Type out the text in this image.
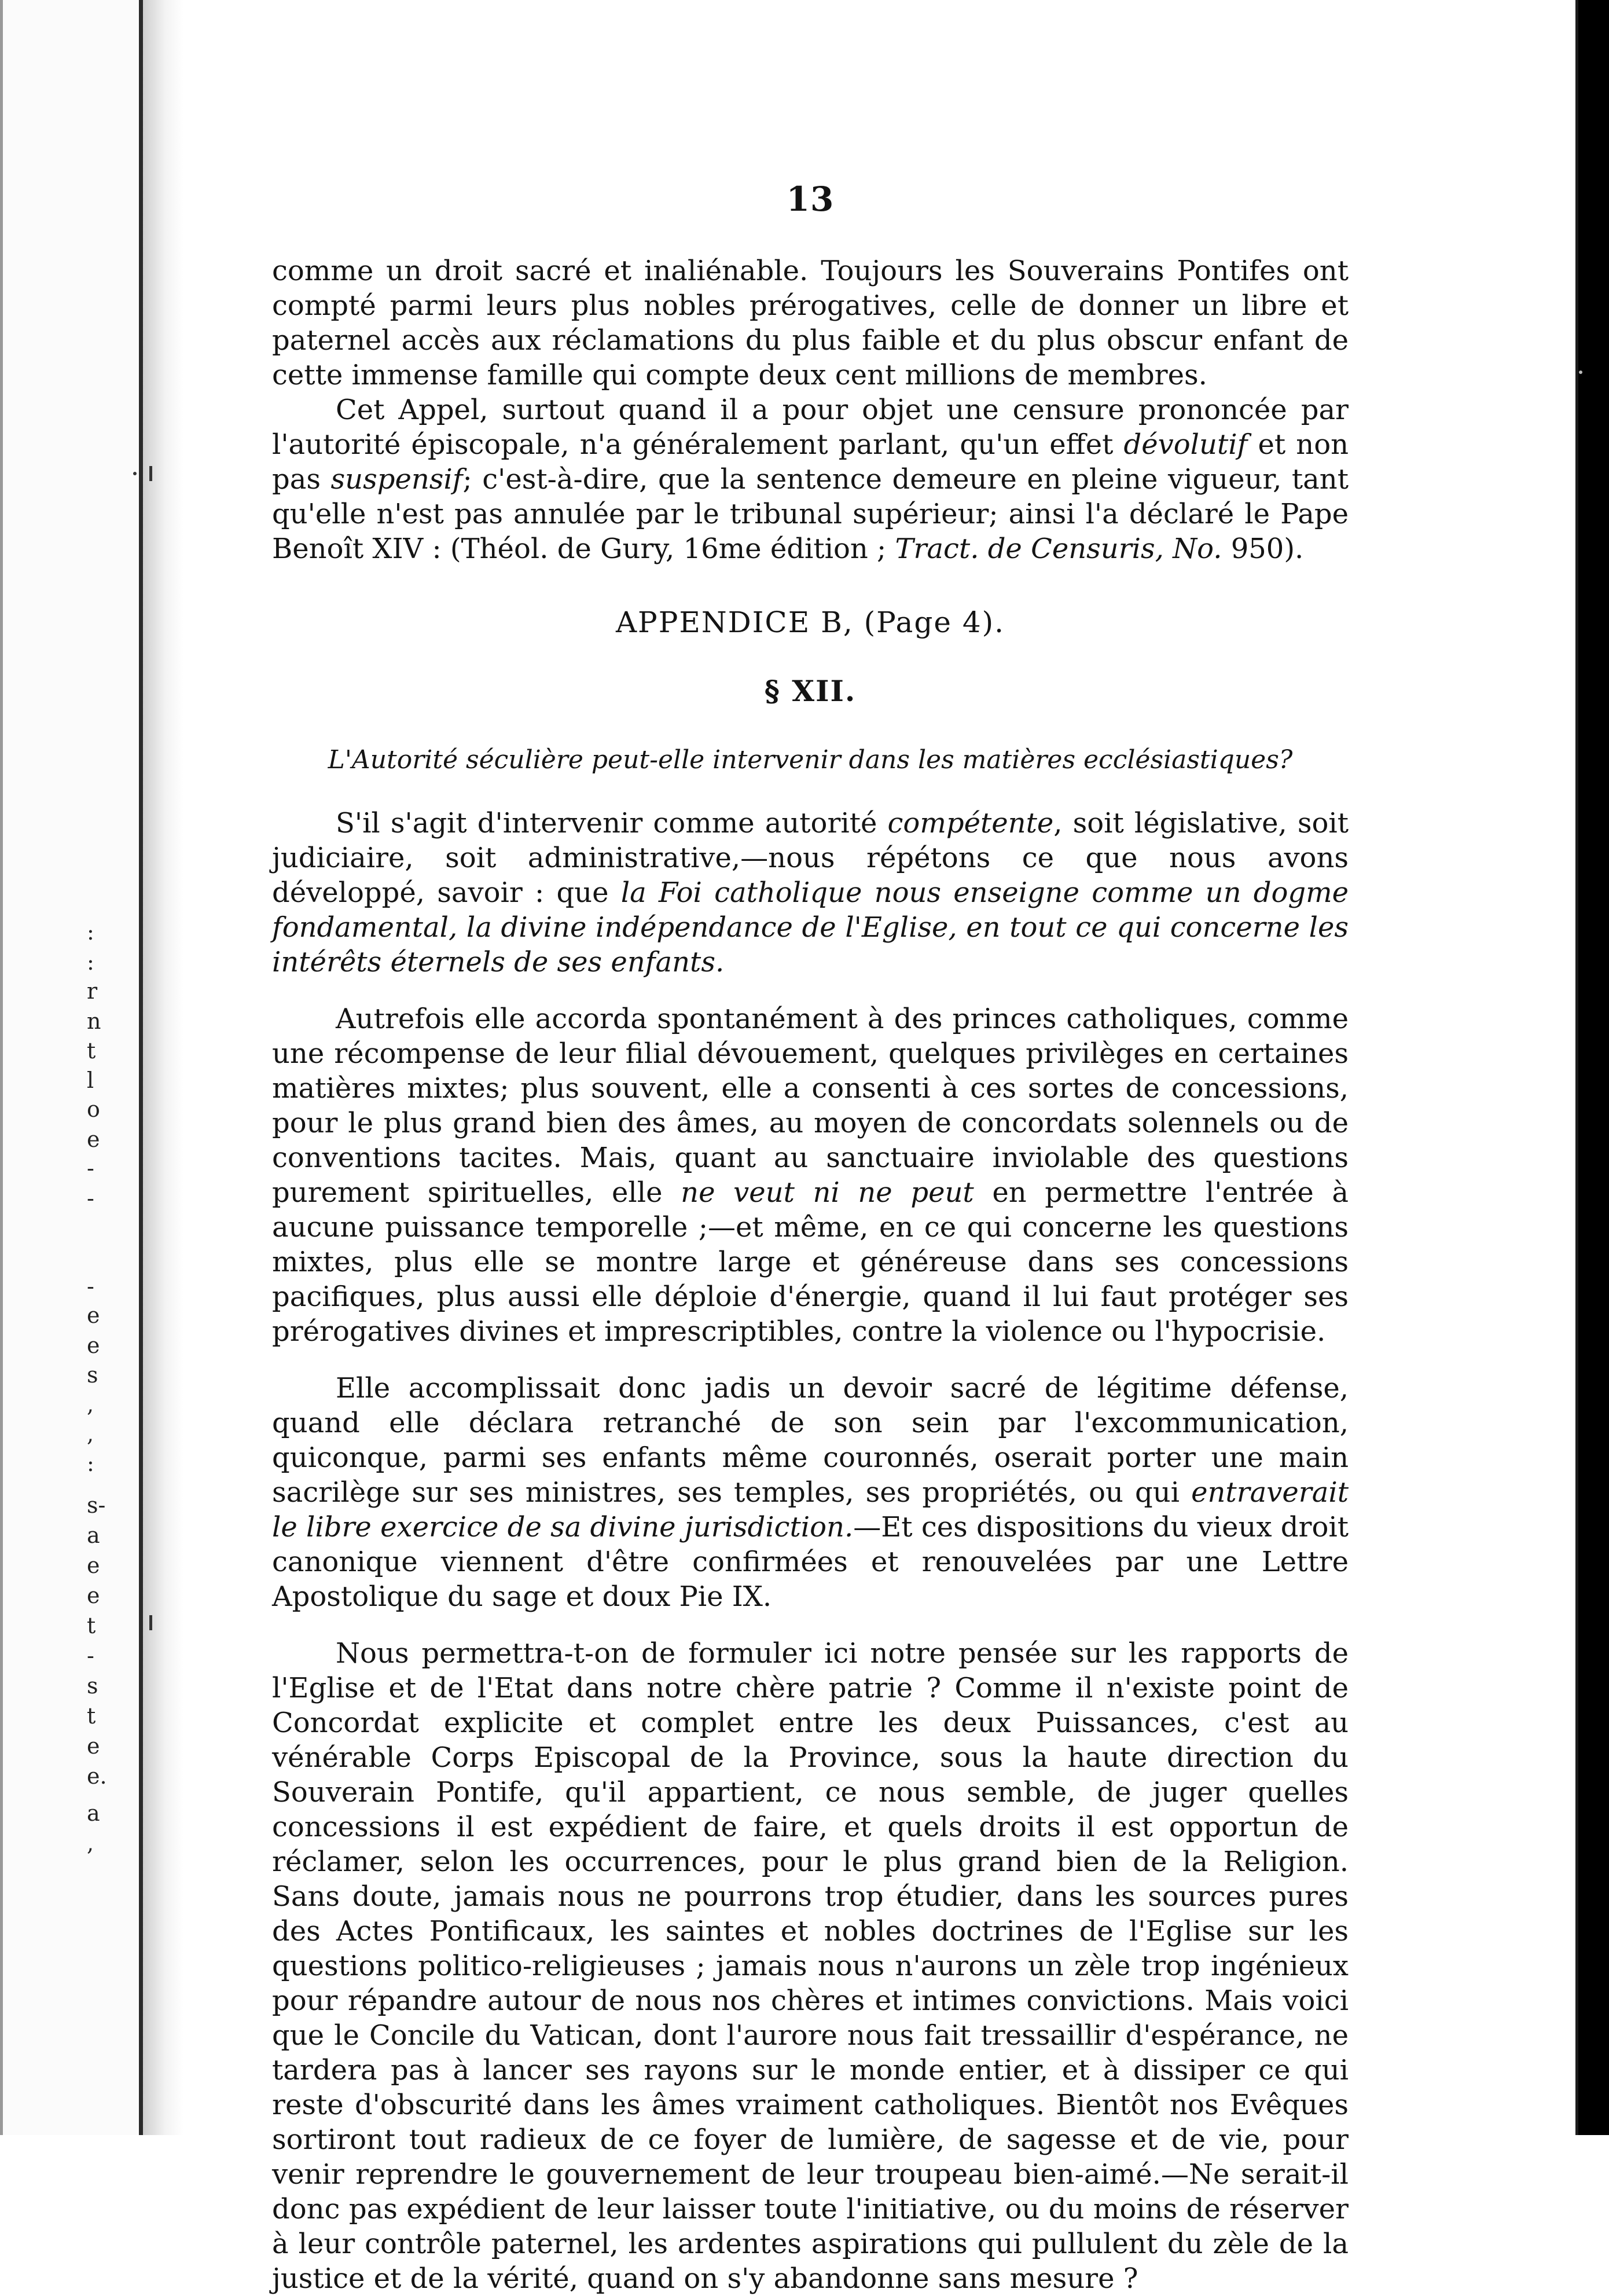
:
:
r
n
t
l
o
e
-
-
-
e
e
s
,
,
:
s-
a
e
e
t
-
s
t
e
e.
a
,
13

comme un droit sacré et inaliénable. Toujours les Souverains Pontifes ont compté parmi leurs plus nobles prérogatives, celle de donner un libre et paternel accès aux réclamations du plus faible et du plus obscur enfant de cette immense famille qui compte deux cent millions de membres.

Cet Appel, surtout quand il a pour objet une censure prononcée par l'autorité épiscopale, n'a généralement parlant, qu'un effet dévolutif et non pas suspensif; c'est-à-dire, que la sentence demeure en pleine vigueur, tant qu'elle n'est pas annulée par le tribunal supérieur; ainsi l'a déclaré le Pape Benoît XIV : (Théol. de Gury, 16me édition ; Tract. de Censuris, No. 950).

APPENDICE B, (Page 4).
§ XII.
L'Autorité séculière peut-elle intervenir dans les matières ecclésiastiques?

S'il s'agit d'intervenir comme autorité compétente, soit législative, soit judiciaire, soit administrative,—nous répétons ce que nous avons développé, savoir : que la Foi catholique nous enseigne comme un dogme fondamental, la divine indépendance de l'Eglise, en tout ce qui concerne les intérêts éternels de ses enfants.

Autrefois elle accorda spontanément à des princes catholiques, comme une récompense de leur filial dévouement, quelques privilèges en certaines matières mixtes; plus souvent, elle a consenti à ces sortes de concessions, pour le plus grand bien des âmes, au moyen de concordats solennels ou de conventions tacites. Mais, quant au sanctuaire inviolable des questions purement spirituelles, elle ne veut ni ne peut en permettre l'entrée à aucune puissance temporelle ;—et même, en ce qui concerne les questions mixtes, plus elle se montre large et généreuse dans ses concessions pacifiques, plus aussi elle déploie d'énergie, quand il lui faut protéger ses prérogatives divines et imprescriptibles, contre la violence ou l'hypocrisie.

Elle accomplissait donc jadis un devoir sacré de légitime défense, quand elle déclara retranché de son sein par l'excommunication, quiconque, parmi ses enfants même couronnés, oserait porter une main sacrilège sur ses ministres, ses temples, ses propriétés, ou qui entraverait le libre exercice de sa divine jurisdiction.—Et ces dispositions du vieux droit canonique viennent d'être confirmées et renouvelées par une Lettre Apostolique du sage et doux Pie IX.

Nous permettra-t-on de formuler ici notre pensée sur les rapports de l'Eglise et de l'Etat dans notre chère patrie ? Comme il n'existe point de Concordat explicite et complet entre les deux Puissances, c'est au vénérable Corps Episcopal de la Province, sous la haute direction du Souverain Pontife, qu'il appartient, ce nous semble, de juger quelles concessions il est expédient de faire, et quels droits il est opportun de réclamer, selon les occurrences, pour le plus grand bien de la Religion. Sans doute, jamais nous ne pourrons trop étudier, dans les sources pures des Actes Pontificaux, les saintes et nobles doctrines de l'Eglise sur les questions politico-religieuses ; jamais nous n'aurons un zèle trop ingénieux pour répandre autour de nous nos chères et intimes convictions. Mais voici que le Concile du Vatican, dont l'aurore nous fait tressaillir d'espérance, ne tardera pas à lancer ses rayons sur le monde entier, et à dissiper ce qui reste d'obscurité dans les âmes vraiment catholiques. Bientôt nos Evêques sortiront tout radieux de ce foyer de lumière, de sagesse et de vie, pour venir reprendre le gouvernement de leur troupeau bien-aimé.—Ne serait-il donc pas expédient de leur laisser toute l'initiative, ou du moins de réserver à leur contrôle paternel, les ardentes aspirations qui pullulent du zèle de la justice et de la vérité, quand on s'y abandonne sans mesure ?
